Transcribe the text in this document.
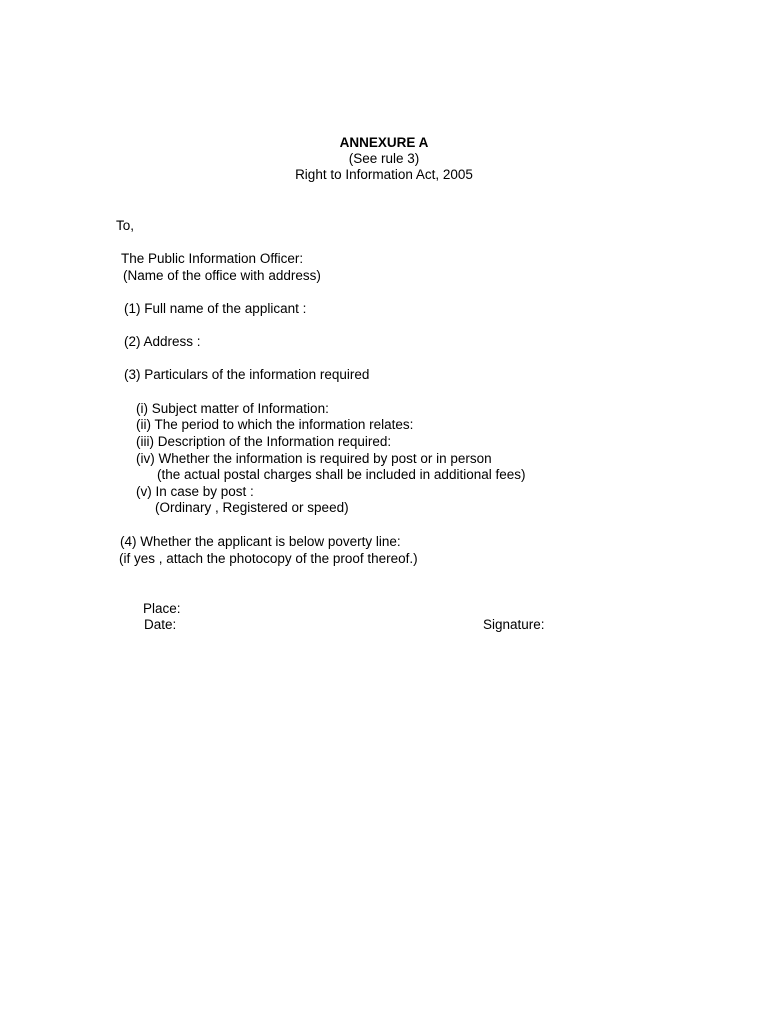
ANNEXURE A
(See rule 3)
Right to Information Act, 2005
To,
The Public Information Officer:
(Name of the office with address)
(1) Full name of the applicant :
(2) Address :
(3) Particulars of the information required
(i) Subject matter of Information:
(ii) The period to which the information relates:
(iii) Description of the Information required:
(iv) Whether the information is required by post or in person
(the actual postal charges shall be included in additional fees)
(v) In case by post :
(Ordinary , Registered or speed)
(4) Whether the applicant is below poverty line:
(if yes , attach the photocopy of the proof thereof.)
Place:
Date:	Signature:
